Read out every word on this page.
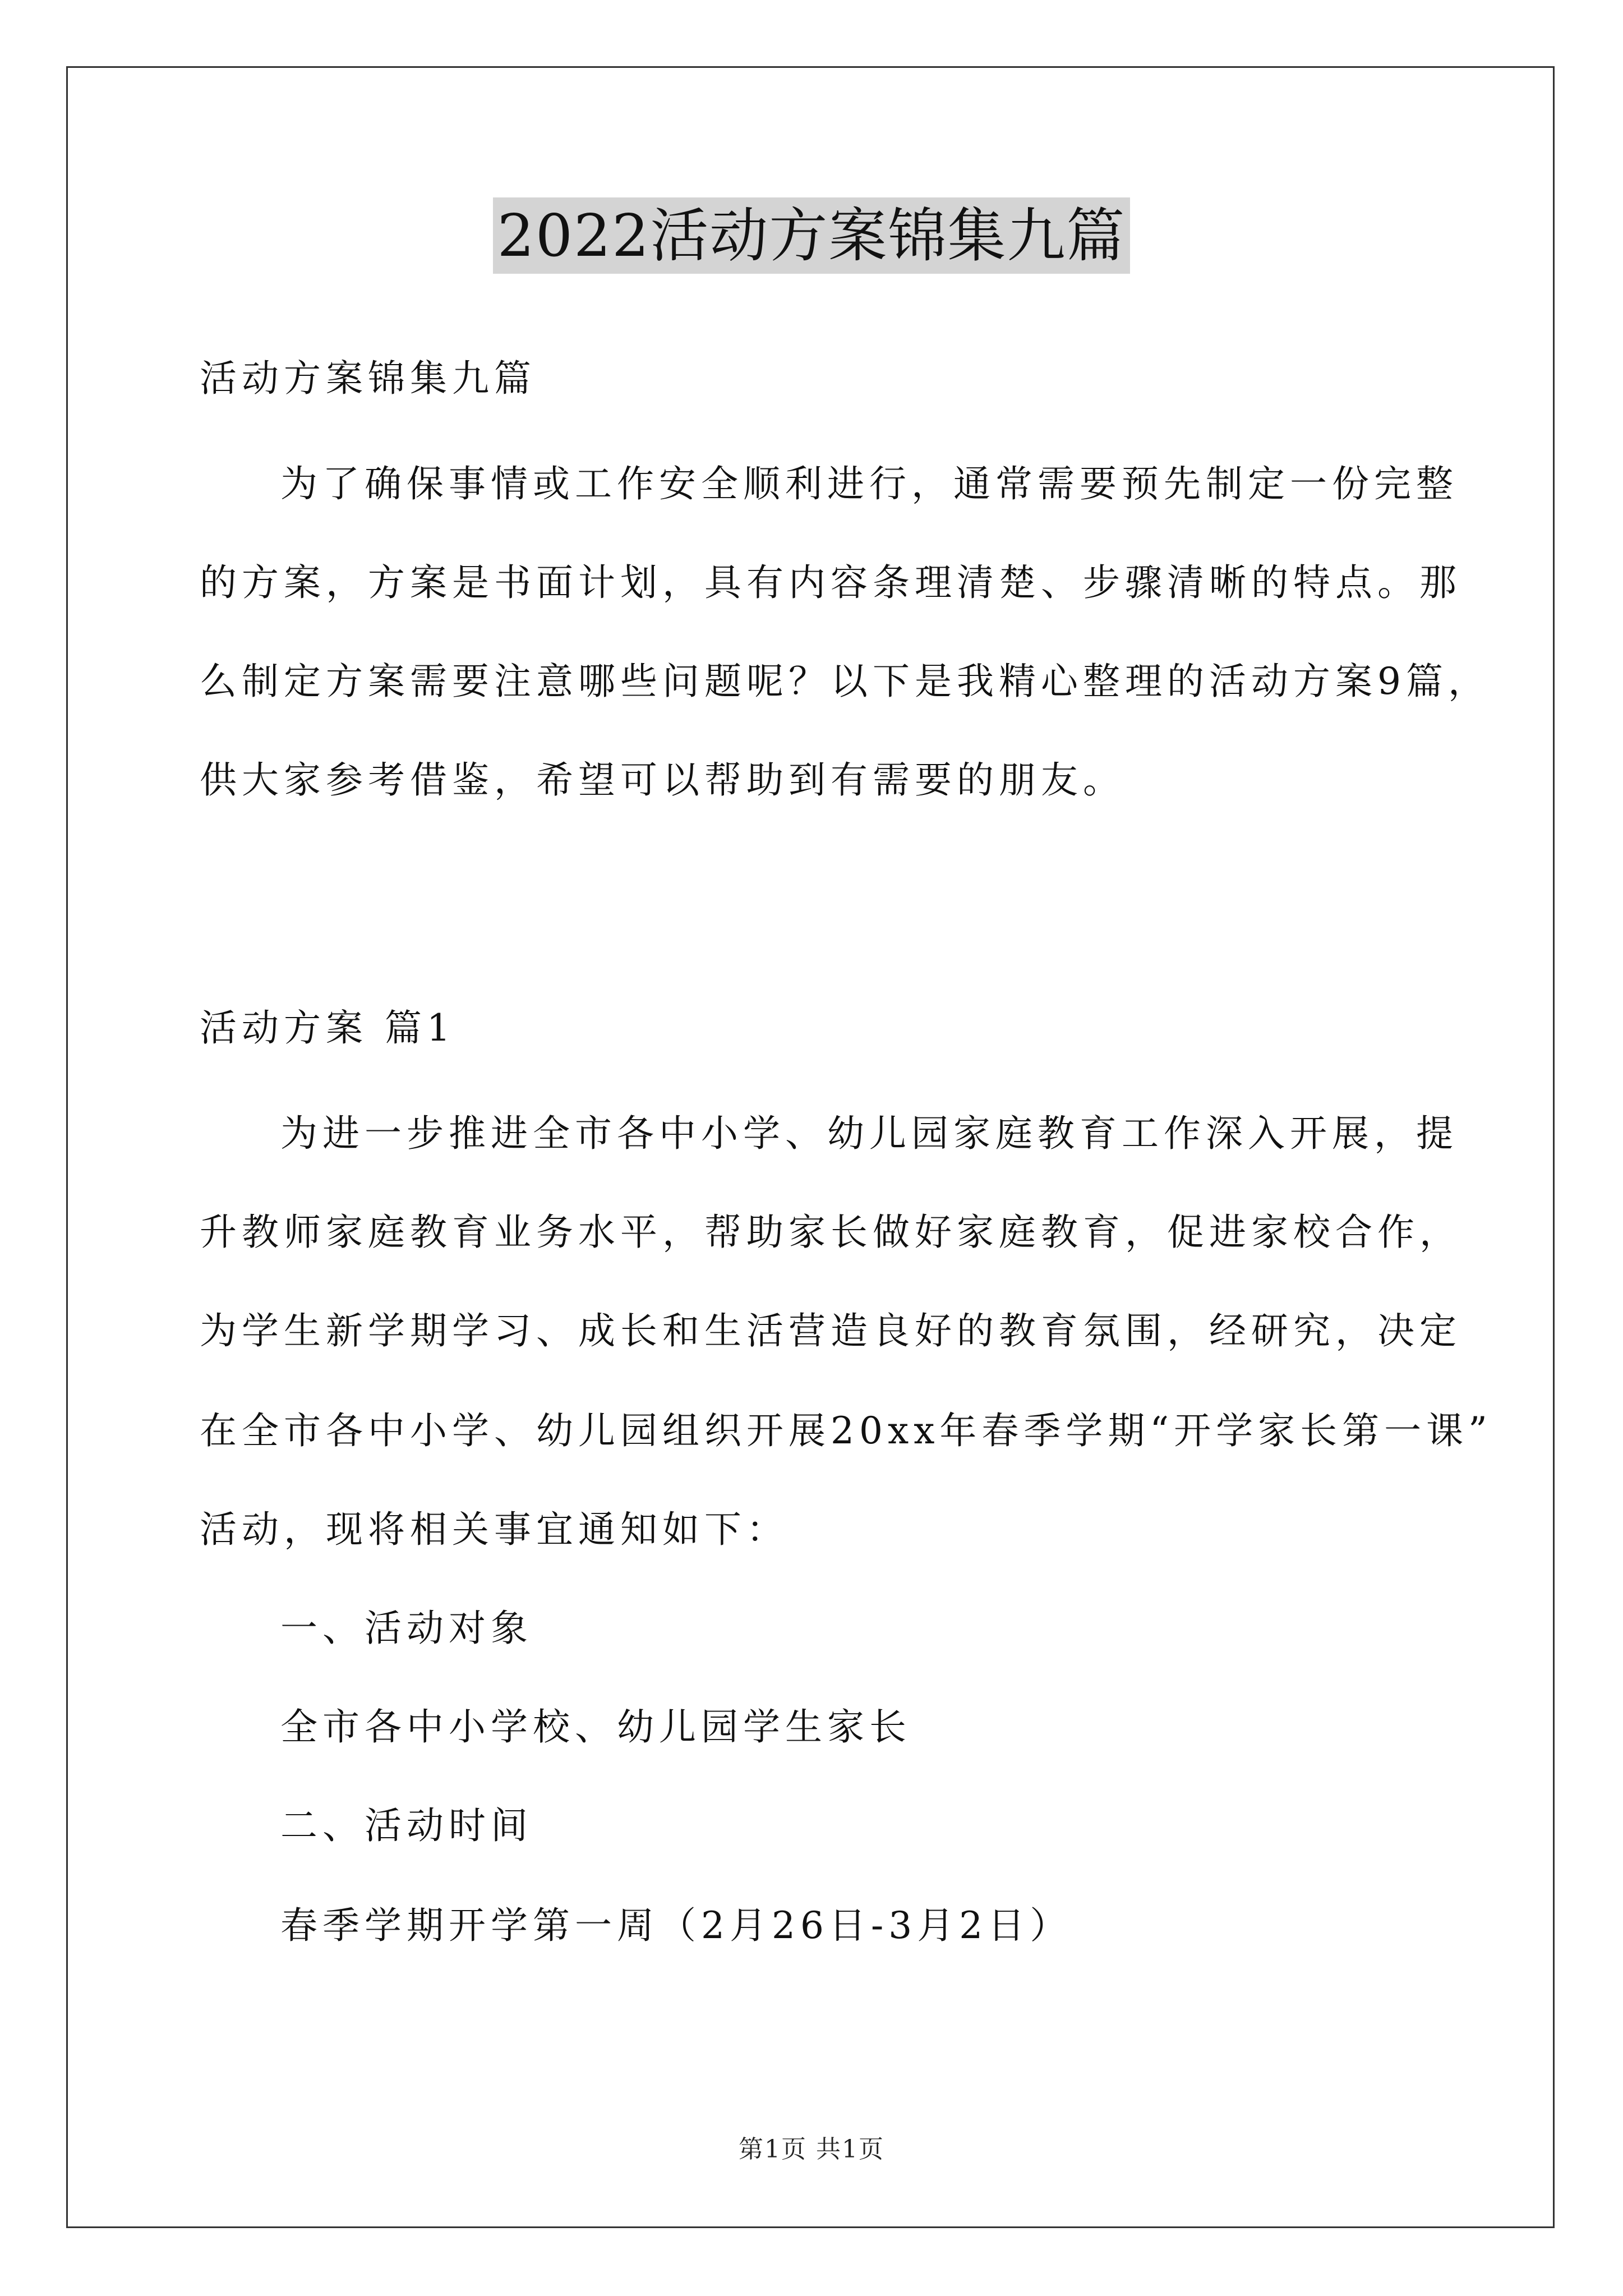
2022活动方案锦集九篇
活动方案锦集九篇
为了确保事情或工作安全顺利进行，通常需要预先制定一份完整
的方案，方案是书面计划，具有内容条理清楚、步骤清晰的特点。那
么制定方案需要注意哪些问题呢？以下是我精心整理的活动方案9篇，
供大家参考借鉴，希望可以帮助到有需要的朋友。
活动方案 篇1
为进一步推进全市各中小学、幼儿园家庭教育工作深入开展，提
升教师家庭教育业务水平，帮助家长做好家庭教育，促进家校合作，
为学生新学期学习、成长和生活营造良好的教育氛围，经研究，决定
在全市各中小学、幼儿园组织开展20xx年春季学期“开学家长第一课”
活动，现将相关事宜通知如下：
一、活动对象
全市各中小学校、幼儿园学生家长
二、活动时间
春季学期开学第一周（2月26日-3月2日）
第1页 共1页
